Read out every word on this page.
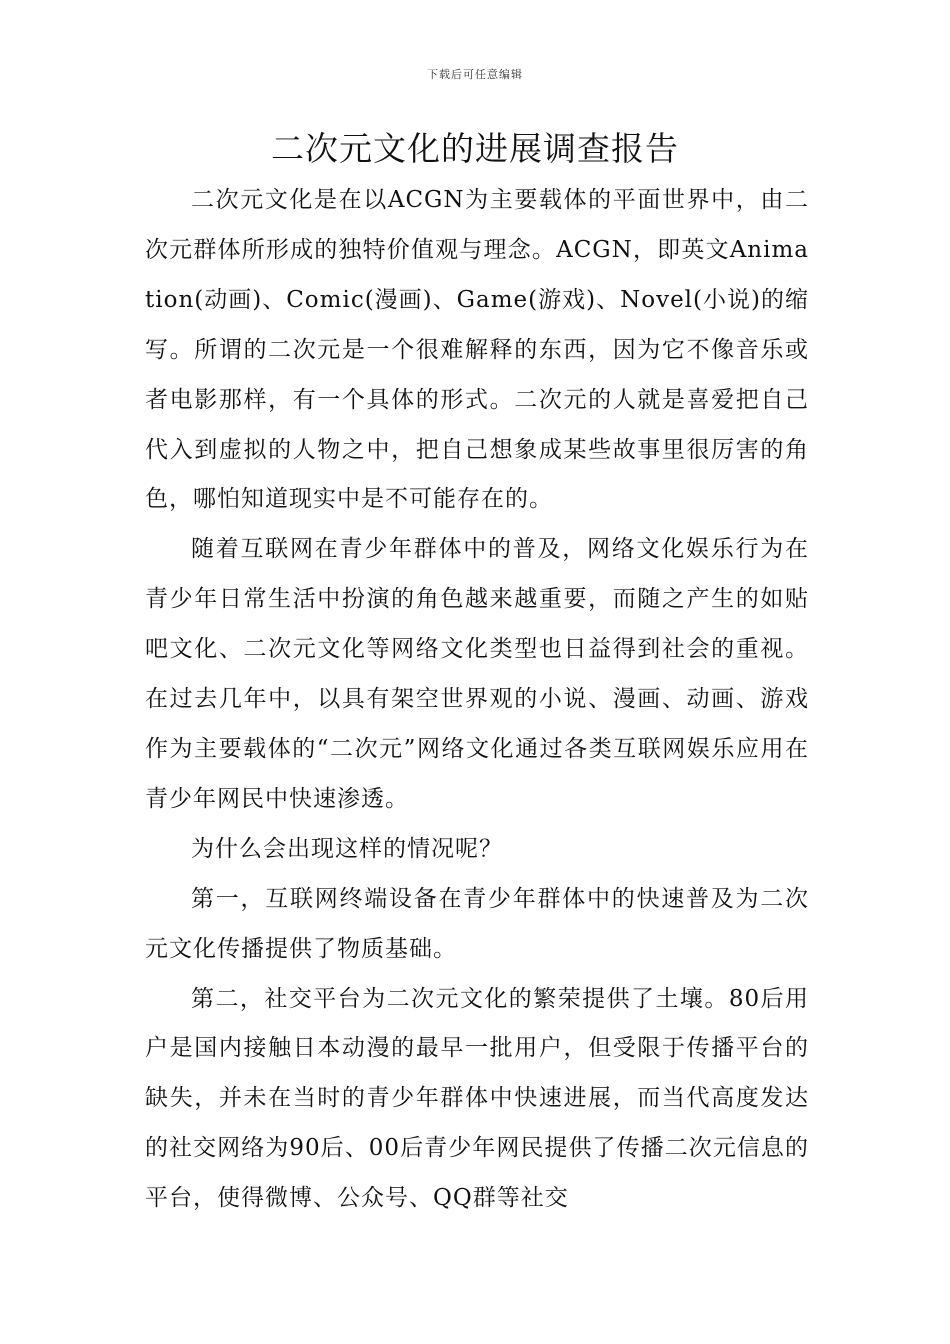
下载后可任意编辑
二次元文化的进展调查报告

二次元文化是在以ACGN为主要载体的平面世界中，由二次元群体所形成的独特价值观与理念。ACGN，即英文Animation(动画)、Comic(漫画)、Game(游戏)、Novel(小说)的缩写。所谓的二次元是一个很难解释的东西，因为它不像音乐或者电影那样，有一个具体的形式。二次元的人就是喜爱把自己代入到虚拟的人物之中，把自己想象成某些故事里很厉害的角色，哪怕知道现实中是不可能存在的。

随着互联网在青少年群体中的普及，网络文化娱乐行为在青少年日常生活中扮演的角色越来越重要，而随之产生的如贴吧文化、二次元文化等网络文化类型也日益得到社会的重视。在过去几年中，以具有架空世界观的小说、漫画、动画、游戏作为主要载体的“二次元”网络文化通过各类互联网娱乐应用在青少年网民中快速渗透。

为什么会出现这样的情况呢？

第一，互联网终端设备在青少年群体中的快速普及为二次元文化传播提供了物质基础。

第二，社交平台为二次元文化的繁荣提供了土壤。80后用户是国内接触日本动漫的最早一批用户，但受限于传播平台的缺失，并未在当时的青少年群体中快速进展，而当代高度发达的社交网络为90后、00后青少年网民提供了传播二次元信息的平台，使得微博、公众号、QQ群等社交
